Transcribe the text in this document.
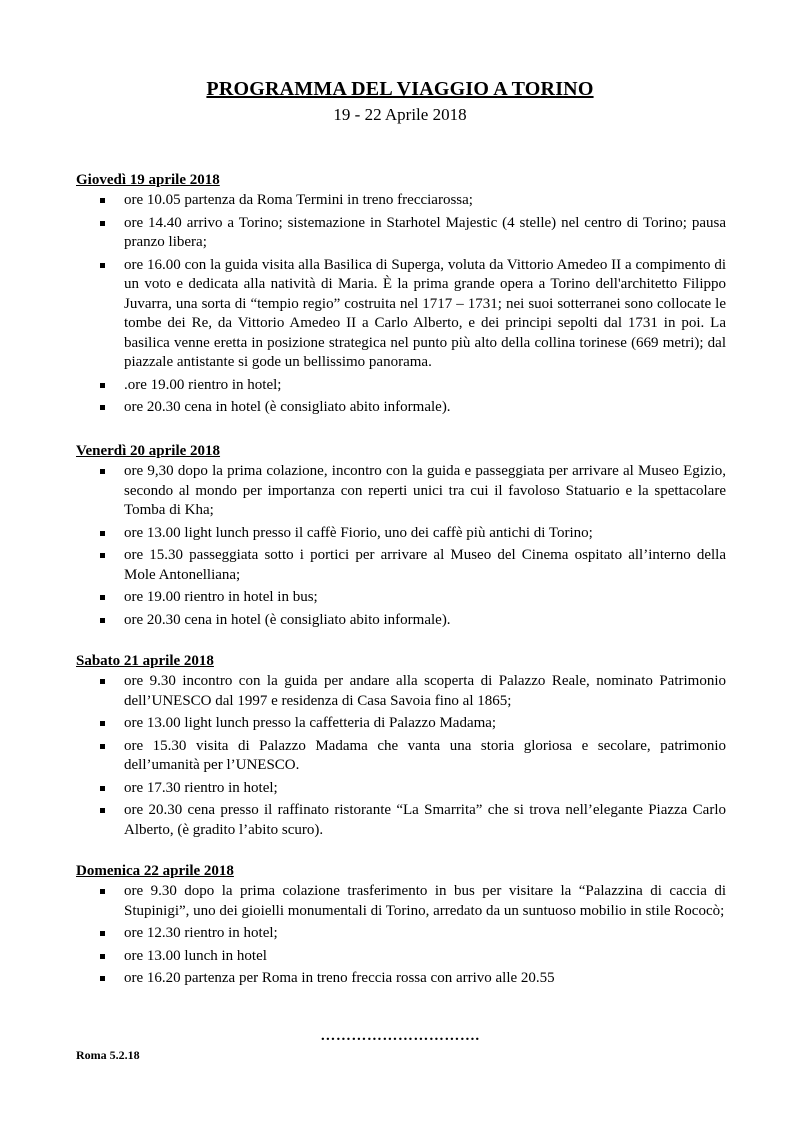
PROGRAMMA DEL VIAGGIO A TORINO
19 - 22 Aprile 2018
Giovedì 19 aprile 2018
ore 10.05 partenza da Roma Termini in treno frecciarossa;
ore 14.40 arrivo a Torino; sistemazione in Starhotel Majestic (4 stelle) nel centro di Torino; pausa pranzo libera;
ore 16.00 con la guida visita alla Basilica di Superga, voluta da Vittorio Amedeo II a compimento di un voto e dedicata alla natività di Maria. È la prima grande opera a Torino dell'architetto Filippo Juvarra, una sorta di “tempio regio” costruita nel 1717 – 1731; nei suoi sotterranei sono collocate le tombe dei Re, da Vittorio Amedeo II a Carlo Alberto, e dei principi sepolti dal 1731 in poi. La basilica venne eretta in posizione strategica nel punto più alto della collina torinese (669 metri); dal piazzale antistante si gode un bellissimo panorama.
.ore 19.00 rientro in hotel;
ore 20.30 cena in hotel (è consigliato abito informale).
Venerdì 20 aprile 2018
ore 9,30 dopo la prima colazione, incontro con la guida e passeggiata per arrivare al Museo Egizio, secondo al mondo per importanza con reperti unici tra cui il favoloso Statuario e la spettacolare Tomba di Kha;
ore 13.00 light lunch presso il caffè Fiorio, uno dei caffè più antichi di Torino;
ore 15.30 passeggiata sotto i portici per arrivare al Museo del Cinema ospitato all’interno della Mole Antonelliana;
ore 19.00 rientro in hotel in bus;
ore 20.30 cena in hotel (è consigliato abito informale).
Sabato 21 aprile 2018
ore 9.30 incontro con la guida per andare alla scoperta di Palazzo Reale, nominato Patrimonio dell’UNESCO dal 1997 e residenza di Casa Savoia fino al 1865;
ore 13.00 light lunch presso la caffetteria di Palazzo Madama;
ore 15.30 visita di Palazzo Madama che vanta una storia gloriosa e secolare, patrimonio dell’umanità per l’UNESCO.
ore 17.30 rientro in hotel;
ore 20.30 cena presso il raffinato ristorante “La Smarrita” che si trova nell’elegante Piazza Carlo Alberto, (è gradito l’abito scuro).
Domenica 22 aprile 2018
ore 9.30 dopo la prima colazione trasferimento in bus per visitare la “Palazzina di caccia di Stupinigi”, uno dei gioielli monumentali di Torino, arredato da un suntuoso mobilio in stile Rococò;
ore 12.30 rientro in hotel;
ore 13.00 lunch in hotel
ore 16.20 partenza per Roma in treno freccia rossa con arrivo alle 20.55
………………………….
Roma 5.2.18
